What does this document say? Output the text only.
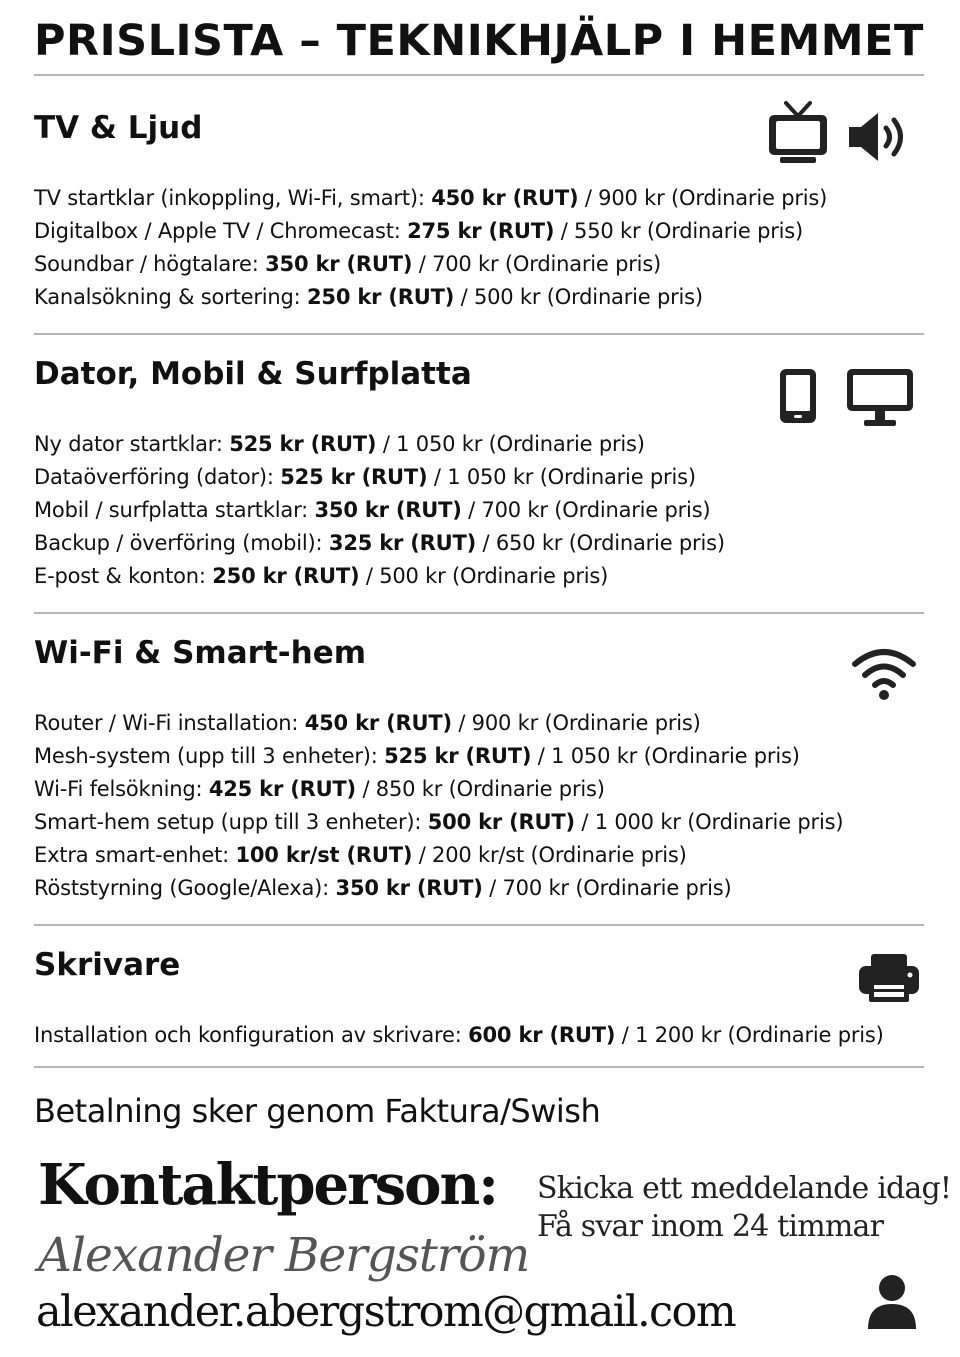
PRISLISTA – TEKNIKHJÄLP I HEMMET
TV & Ljud
TV startklar (inkoppling, Wi-Fi, smart): 450 kr (RUT) / 900 kr (Ordinarie pris)
Digitalbox / Apple TV / Chromecast: 275 kr (RUT) / 550 kr (Ordinarie pris)
Soundbar / högtalare: 350 kr (RUT) / 700 kr (Ordinarie pris)
Kanalsökning & sortering: 250 kr (RUT) / 500 kr (Ordinarie pris)
Dator, Mobil & Surfplatta
Ny dator startklar: 525 kr (RUT) / 1 050 kr (Ordinarie pris)
Dataöverföring (dator): 525 kr (RUT) / 1 050 kr (Ordinarie pris)
Mobil / surfplatta startklar: 350 kr (RUT) / 700 kr (Ordinarie pris)
Backup / överföring (mobil): 325 kr (RUT) / 650 kr (Ordinarie pris)
E-post & konton: 250 kr (RUT) / 500 kr (Ordinarie pris)
Wi-Fi & Smart-hem
Router / Wi-Fi installation: 450 kr (RUT) / 900 kr (Ordinarie pris)
Mesh-system (upp till 3 enheter): 525 kr (RUT) / 1 050 kr (Ordinarie pris)
Wi-Fi felsökning: 425 kr (RUT) / 850 kr (Ordinarie pris)
Smart-hem setup (upp till 3 enheter): 500 kr (RUT) / 1 000 kr (Ordinarie pris)
Extra smart-enhet: 100 kr/st (RUT) / 200 kr/st (Ordinarie pris)
Röststyrning (Google/Alexa): 350 kr (RUT) / 700 kr (Ordinarie pris)
Skrivare
Installation och konfiguration av skrivare: 600 kr (RUT) / 1 200 kr (Ordinarie pris)
Betalning sker genom Faktura/Swish
Kontaktperson:
Alexander Bergström
alexander.abergstrom@gmail.com
Skicka ett meddelande idag!
Få svar inom 24 timmar
